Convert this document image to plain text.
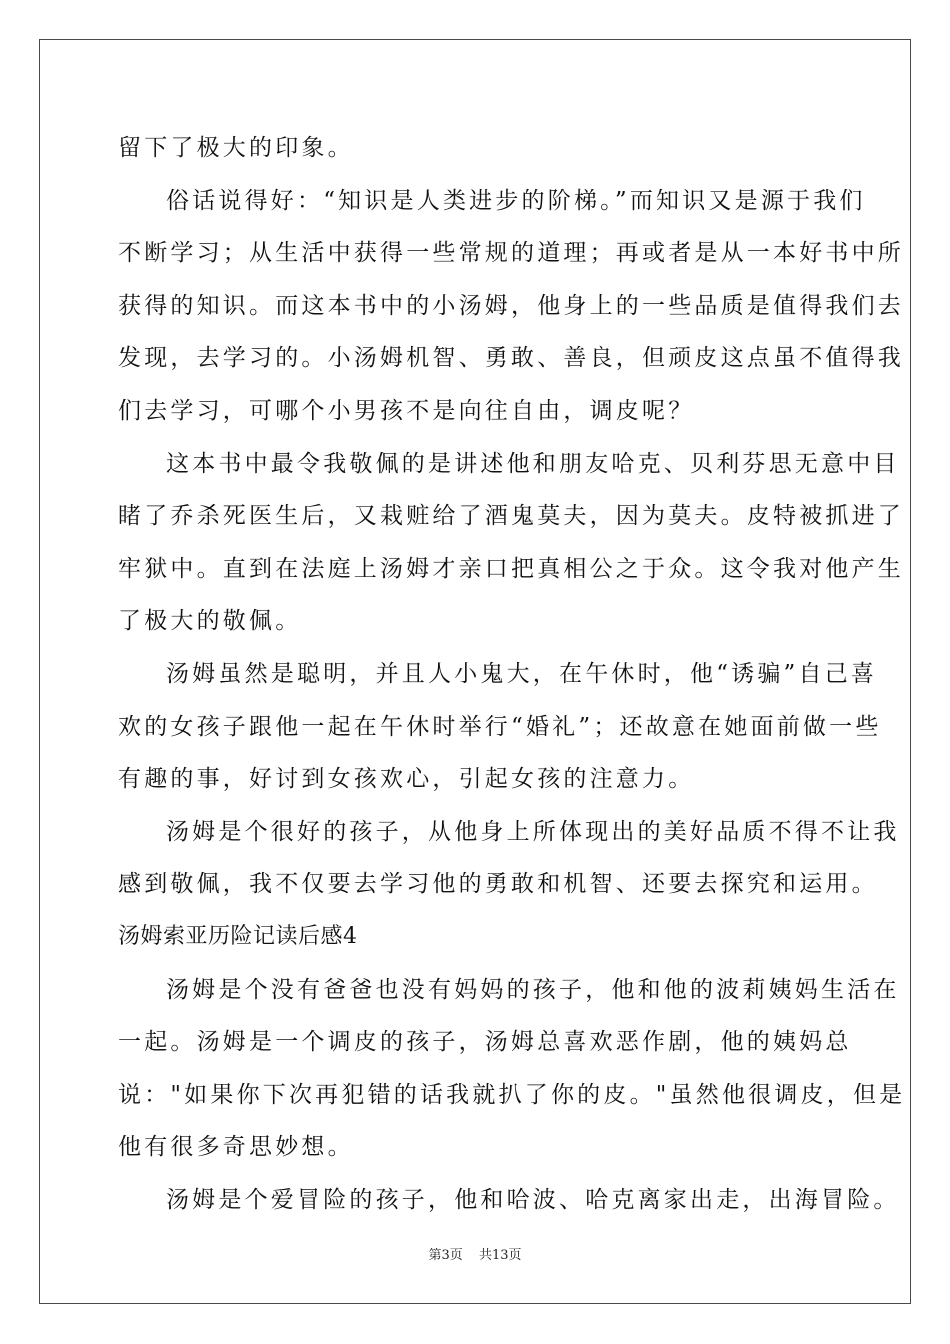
留下了极大的印象。
俗话说得好：“知识是人类进步的阶梯。”而知识又是源于我们
不断学习；从生活中获得一些常规的道理；再或者是从一本好书中所
获得的知识。而这本书中的小汤姆，他身上的一些品质是值得我们去
发现，去学习的。小汤姆机智、勇敢、善良，但顽皮这点虽不值得我
们去学习，可哪个小男孩不是向往自由，调皮呢？
这本书中最令我敬佩的是讲述他和朋友哈克、贝利芬思无意中目
睹了乔杀死医生后，又栽赃给了酒鬼莫夫，因为莫夫。皮特被抓进了
牢狱中。直到在法庭上汤姆才亲口把真相公之于众。这令我对他产生
了极大的敬佩。
汤姆虽然是聪明，并且人小鬼大，在午休时，他“诱骗”自己喜
欢的女孩子跟他一起在午休时举行“婚礼”；还故意在她面前做一些
有趣的事，好讨到女孩欢心，引起女孩的注意力。
汤姆是个很好的孩子，从他身上所体现出的美好品质不得不让我
感到敬佩，我不仅要去学习他的勇敢和机智、还要去探究和运用。
汤姆索亚历险记读后感4
汤姆是个没有爸爸也没有妈妈的孩子，他和他的波莉姨妈生活在
一起。汤姆是一个调皮的孩子，汤姆总喜欢恶作剧，他的姨妈总
说："如果你下次再犯错的话我就扒了你的皮。"虽然他很调皮，但是
他有很多奇思妙想。
汤姆是个爱冒险的孩子，他和哈波、哈克离家出走，出海冒险。
第3页 共13页
